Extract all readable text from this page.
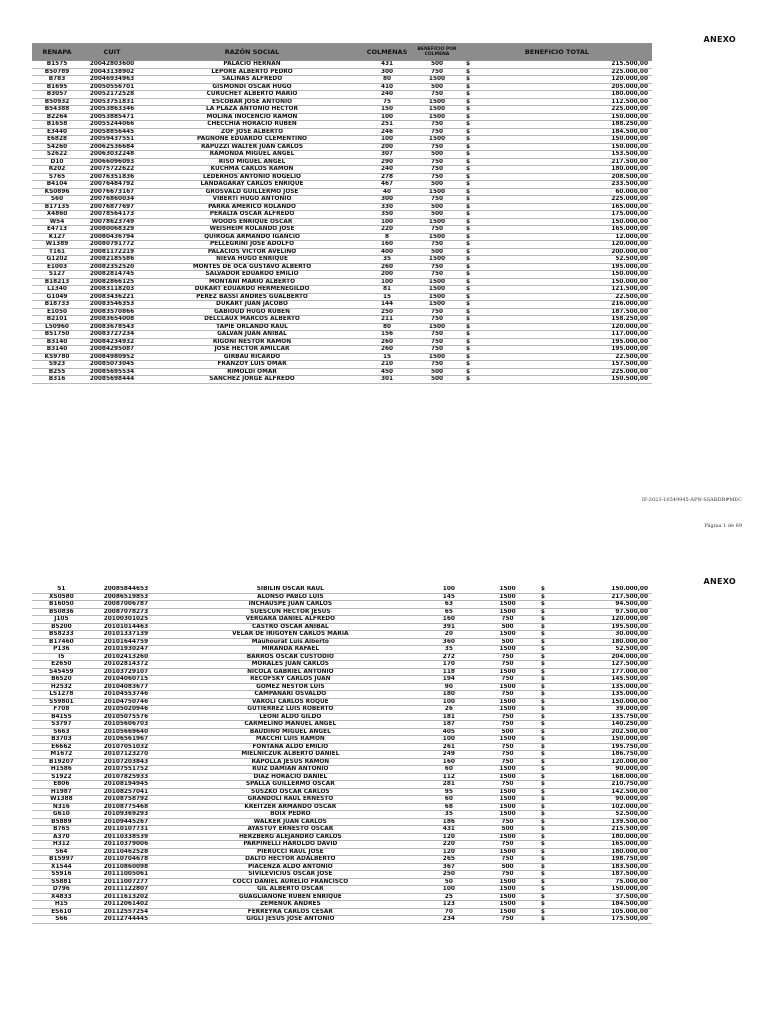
ANEXO
RENAPA	CUIT	RAZÓN SOCIAL	COLMENAS	BENEFICIO POR COLMENA	BENEFICIO TOTAL	
B1575	20042803600	PALACIO HERNAN	431	500	$	215.500,00
B50789	20043138902	LEPORE ALBERTO PEDRO	300	750	$	225.000,00
B783	20046934963	SALINAS ALFREDO	80	1500	$	120.000,00
B1695	20050556701	GISMONDI OSCAR HUGO	410	500	$	205.000,00
B3057	20052172528	CURUCHET ALBERTO MARIO	240	750	$	180.000,00
B50932	20053751831	ESCOBAR JOSE ANTONIO	75	1500	$	112.500,00
B54388	20053863346	LA PLAZA ANTONIO HECTOR	150	1500	$	225.000,00
B2264	20053885471	MOLINA INOCENCIO RAMON	100	1500	$	150.000,00
B1658	20055244066	CHECCHIA HORACIO RUBEN	251	750	$	188.250,00
E3440	20058856445	ZOF JOSE ALBERTO	246	750	$	184.500,00
E6828	20059437551	PAGNONE EDUARDO CLEMENTINO	100	1500	$	150.000,00
S4260	20062536684	RAPUZZI WALTER JUAN CARLOS	200	750	$	150.000,00
S2622	20063032248	RAMONDA MIGUEL ANGEL	307	500	$	153.500,00
D10	20066096093	RISO MIGUEL ANGEL	290	750	$	217.500,00
R202	20075722622	KUCHMA CARLOS RAMON	240	750	$	180.000,00
S765	20076351836	LEDERHOS ANTONIO ROGELIO	278	750	$	208.500,00
B4104	20076484792	LANDAGARAY CARLOS ENRIQUE	467	500	$	233.500,00
KS0896	20076673167	GROSVALD GUILLERMO JOSE	40	1500	$	60.000,00
S60	20076860034	VIBERTI HUGO ANTONIO	300	750	$	225.000,00
B17135	20076877697	PARRA AMERICO ROLANDO	330	500	$	165.000,00
X4860	20078564173	PERALTA OSCAR ALFREDO	350	500	$	175.000,00
W54	20078623749	WOODS ENRIQUE OSCAR	100	1500	$	150.000,00
E4713	20080068329	WEISHEIM ROLANDO JOSE	220	750	$	165.000,00
K127	20080436794	QUIROGA ARMANDO IGANCIO	8	1500	$	12.000,00
W1389	20080791772	PELLEGRINI JOSE ADOLFO	160	750	$	120.000,00
T161	20081172219	PALACIOS VICTOR AVELINO	400	500	$	200.000,00
G1202	20082185586	NIEVA HUGO ENRIQUE	35	1500	$	52.500,00
E1003	20082352520	MONTES DE OCA GUSTAVO ALBERTO	260	750	$	195.000,00
S127	20082814745	SALVADOR EDUARDO EMILIO	200	750	$	150.000,00
B18213	20082866125	MONTANI MARIO ALBERTO	100	1500	$	150.000,00
L1340	20083118203	DUKART EDUARDO HERMENEGILDO	81	1500	$	121.500,00
G1049	20083436221	PEREZ BASSI ANDRES GUALBERTO	15	1500	$	22.500,00
B18733	20083546353	DUKART JUAN JACOBO	144	1500	$	216.000,00
E1050	20083570866	GABIOUD HUGO RUBEN	250	750	$	187.500,00
B2101	20083654008	DELCLAUX MARCOS ALBERTO	211	750	$	158.250,00
L50960	20083678543	TAPIE ORLANDO RAUL	80	1500	$	120.000,00
B51750	20083727234	GALVAN JUAN ANIBAL	156	750	$	117.000,00
B3140	20084234932	RIGONI NESTOR RAMON	260	750	$	195.000,00
B3140	20084295087	JOSE HECTOR AMILCAR	260	750	$	195.000,00
KS9780	20084980952	GIRBAU RICARDO	15	1500	$	22.500,00
S923	20085073045	FRANZOY LUIS OMAR	210	750	$	157.500,00
B255	20085695534	RIMOLDI OMAR	450	500	$	225.000,00
B316	20085698444	SANCHEZ JORGE ALFREDO	301	500	$	150.500,00
IF-2023-10549945-APN-SSABDR#MEC
Página 1 de 69
ANEXO
S1	20085844653	SIBILIN OSCAR RAUL	100	1500	$	150.000,00
XS0580	20086519853	ALONSO PABLO LUIS	145	1500	$	217.500,00
B16050	20087006787	INCHAUSPE JUAN CARLOS	63	1500	$	94.500,00
BS0836	20087078273	SUESCUN HECTOR JESUS	65	1500	$	97.500,00
J105	20100301025	VERGARA DANIEL ALFREDO	160	750	$	120.000,00
B5200	20101014463	CASTRO OSCAR ANIBAL	391	500	$	195.500,00
BS8233	20101337139	VELAR DE IRIGOYEN CARLOS MARIA	20	1500	$	30.000,00
B17460	20101644759	Mauhourat Luis Alberto	360	500	$	180.000,00
P136	20101930247	MIRANDA RAFAEL	35	1500	$	52.500,00
I5	20102413260	BARROS OSCAR CUSTODIO	272	750	$	204.000,00
E2650	20102814372	MORALES JUAN CARLOS	170	750	$	127.500,00
S45459	20103729107	NICOLA GABRIEL ANTONIO	118	1500	$	177.000,00
B6520	20104060715	RECOFSKY CARLOS JUAN	194	750	$	145.500,00
H2532	20104083677	GOMEZ NESTOR LUIS	90	1500	$	135.000,00
LS1278	20104553746	CAMPANARI OSVALDO	180	750	$	135.000,00
S59801	20104750746	VAROLI CARLOS ROQUE	100	1500	$	150.000,00
F708	20105020946	GUTIERREZ LUIS ROBERTO	26	1500	$	39.000,00
B4155	20105075576	LEONI ALDO GILDO	181	750	$	135.750,00
S3797	20105606703	CARMELINO MANUEL ANGEL	187	750	$	140.250,00
S663	20105669640	BAUDINO MIGUEL ANGEL	405	500	$	202.500,00
B3703	20106561967	MACCHI LUIS RAMON	100	1500	$	150.000,00
E6662	20107051032	FONTANA ALDO EMILIO	261	750	$	195.750,00
M1672	20107123270	MIELNICZUK ALBERTO DANIEL	249	750	$	186.750,00
B19207	20107203843	RAPOLLA JESUS RAMON	160	750	$	120.000,00
H1586	20107551752	RUIZ DAMIAN ANTONIO	60	1500	$	90.000,00
S1922	20107825933	DIAZ HORACIO DANIEL	112	1500	$	168.000,00
E806	20108194945	SPALLA GUILLERMO OSCAR	281	750	$	210.750,00
H1987	20108257041	SUSZKO OSCAR CARLOS	95	1500	$	142.500,00
W1388	20108758792	GRANDOLI RAUL ERNESTO	60	1500	$	90.000,00
N316	20108775468	KREITZER ARMANDO OSCAR	68	1500	$	102.000,00
G610	20109369293	BOIX PEDRO	35	1500	$	52.500,00
B5889	20109445267	WALKER JUAN CARLOS	186	750	$	139.500,00
B765	20110107731	AYASTUY ERNESTO OSCAR	431	500	$	215.500,00
A370	20110338539	HERZBERG ALEJANDRO CARLOS	120	1500	$	180.000,00
H312	20110379006	PARPINELLI HAROLDO DAVID	220	750	$	165.000,00
S64	20110462528	PIERUCCI RAUL JOSE	120	1500	$	180.000,00
B15997	20110704678	DALTO HECTOR ADALBERTO	265	750	$	198.750,00
X1544	20110860098	PIACENZA ALDO ANTONIO	367	500	$	183.500,00
S5916	20111005061	SIVILEVICIUS OSCAR JOSE	250	750	$	187.500,00
S5881	20111007277	COCCI DANIEL AURELIO FRANCISCO	50	1500	$	75.000,00
D796	20111122807	GIL ALBERTO OSCAR	100	1500	$	150.000,00
X4833	20111613202	GUAGLIANONE RUBEN ENRIQUE	25	1500	$	37.500,00
H15	20112061402	ZEMEÑUK ANDRES	123	1500	$	184.500,00
ES610	20112557254	FERREYRA CARLOS CESAR	70	1500	$	105.000,00
S66	20112744445	GIGLI JESUS JOSE ANTONIO	234	750	$	175.500,00
